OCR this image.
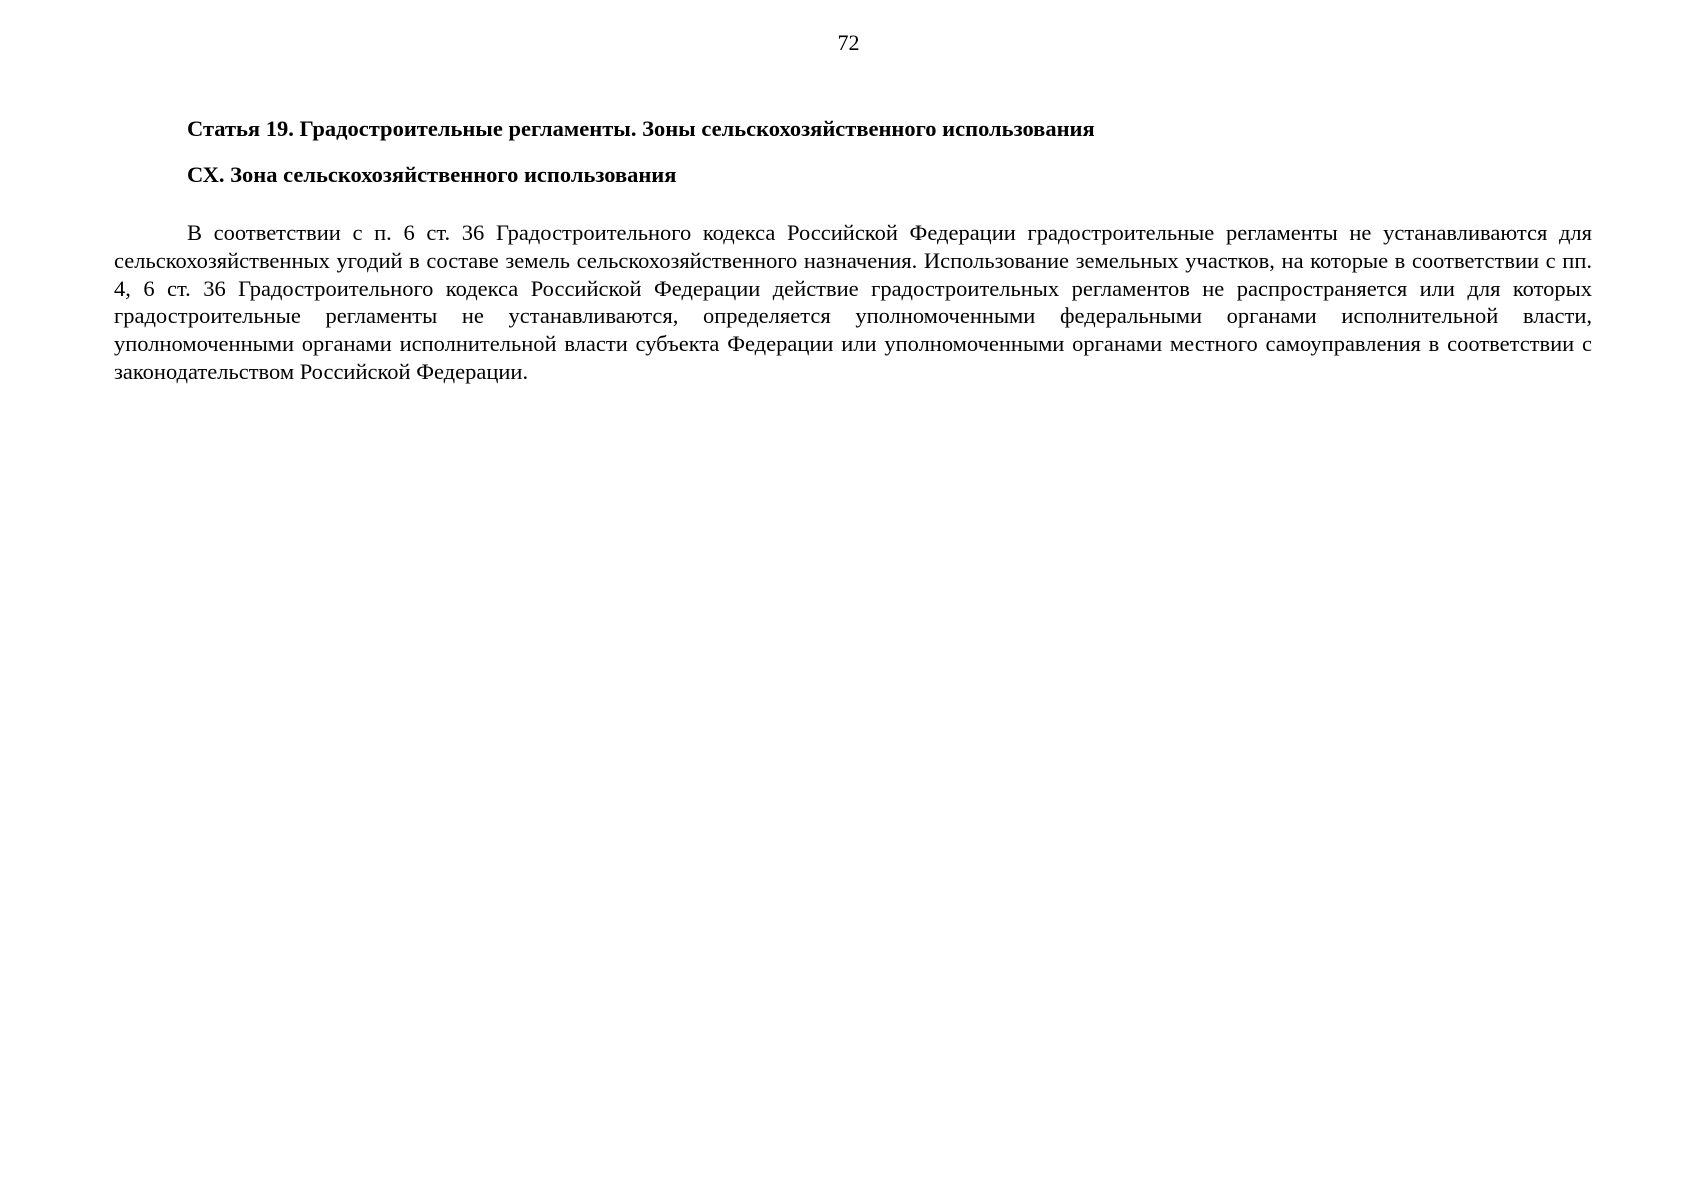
72
Статья 19. Градостроительные регламенты. Зоны сельскохозяйственного использования
СХ. Зона сельскохозяйственного использования

В соответствии с п. 6 ст. 36 Градостроительного кодекса Российской Федерации градостроительные регламенты не устанавливаются для сельскохозяйственных угодий в составе земель сельскохозяйственного назначения. Использование земельных участков, на которые в соответствии с пп. 4, 6 ст. 36 Градостроительного кодекса Российской Федерации действие градостроительных регламентов не распространяется или для которых градостроительные регламенты не устанавливаются, определяется уполномоченными федеральными органами исполнительной власти, уполномоченными органами исполнительной власти субъекта Федерации или уполномоченными органами местного самоуправления в соответствии с законодательством Российской Федерации.
